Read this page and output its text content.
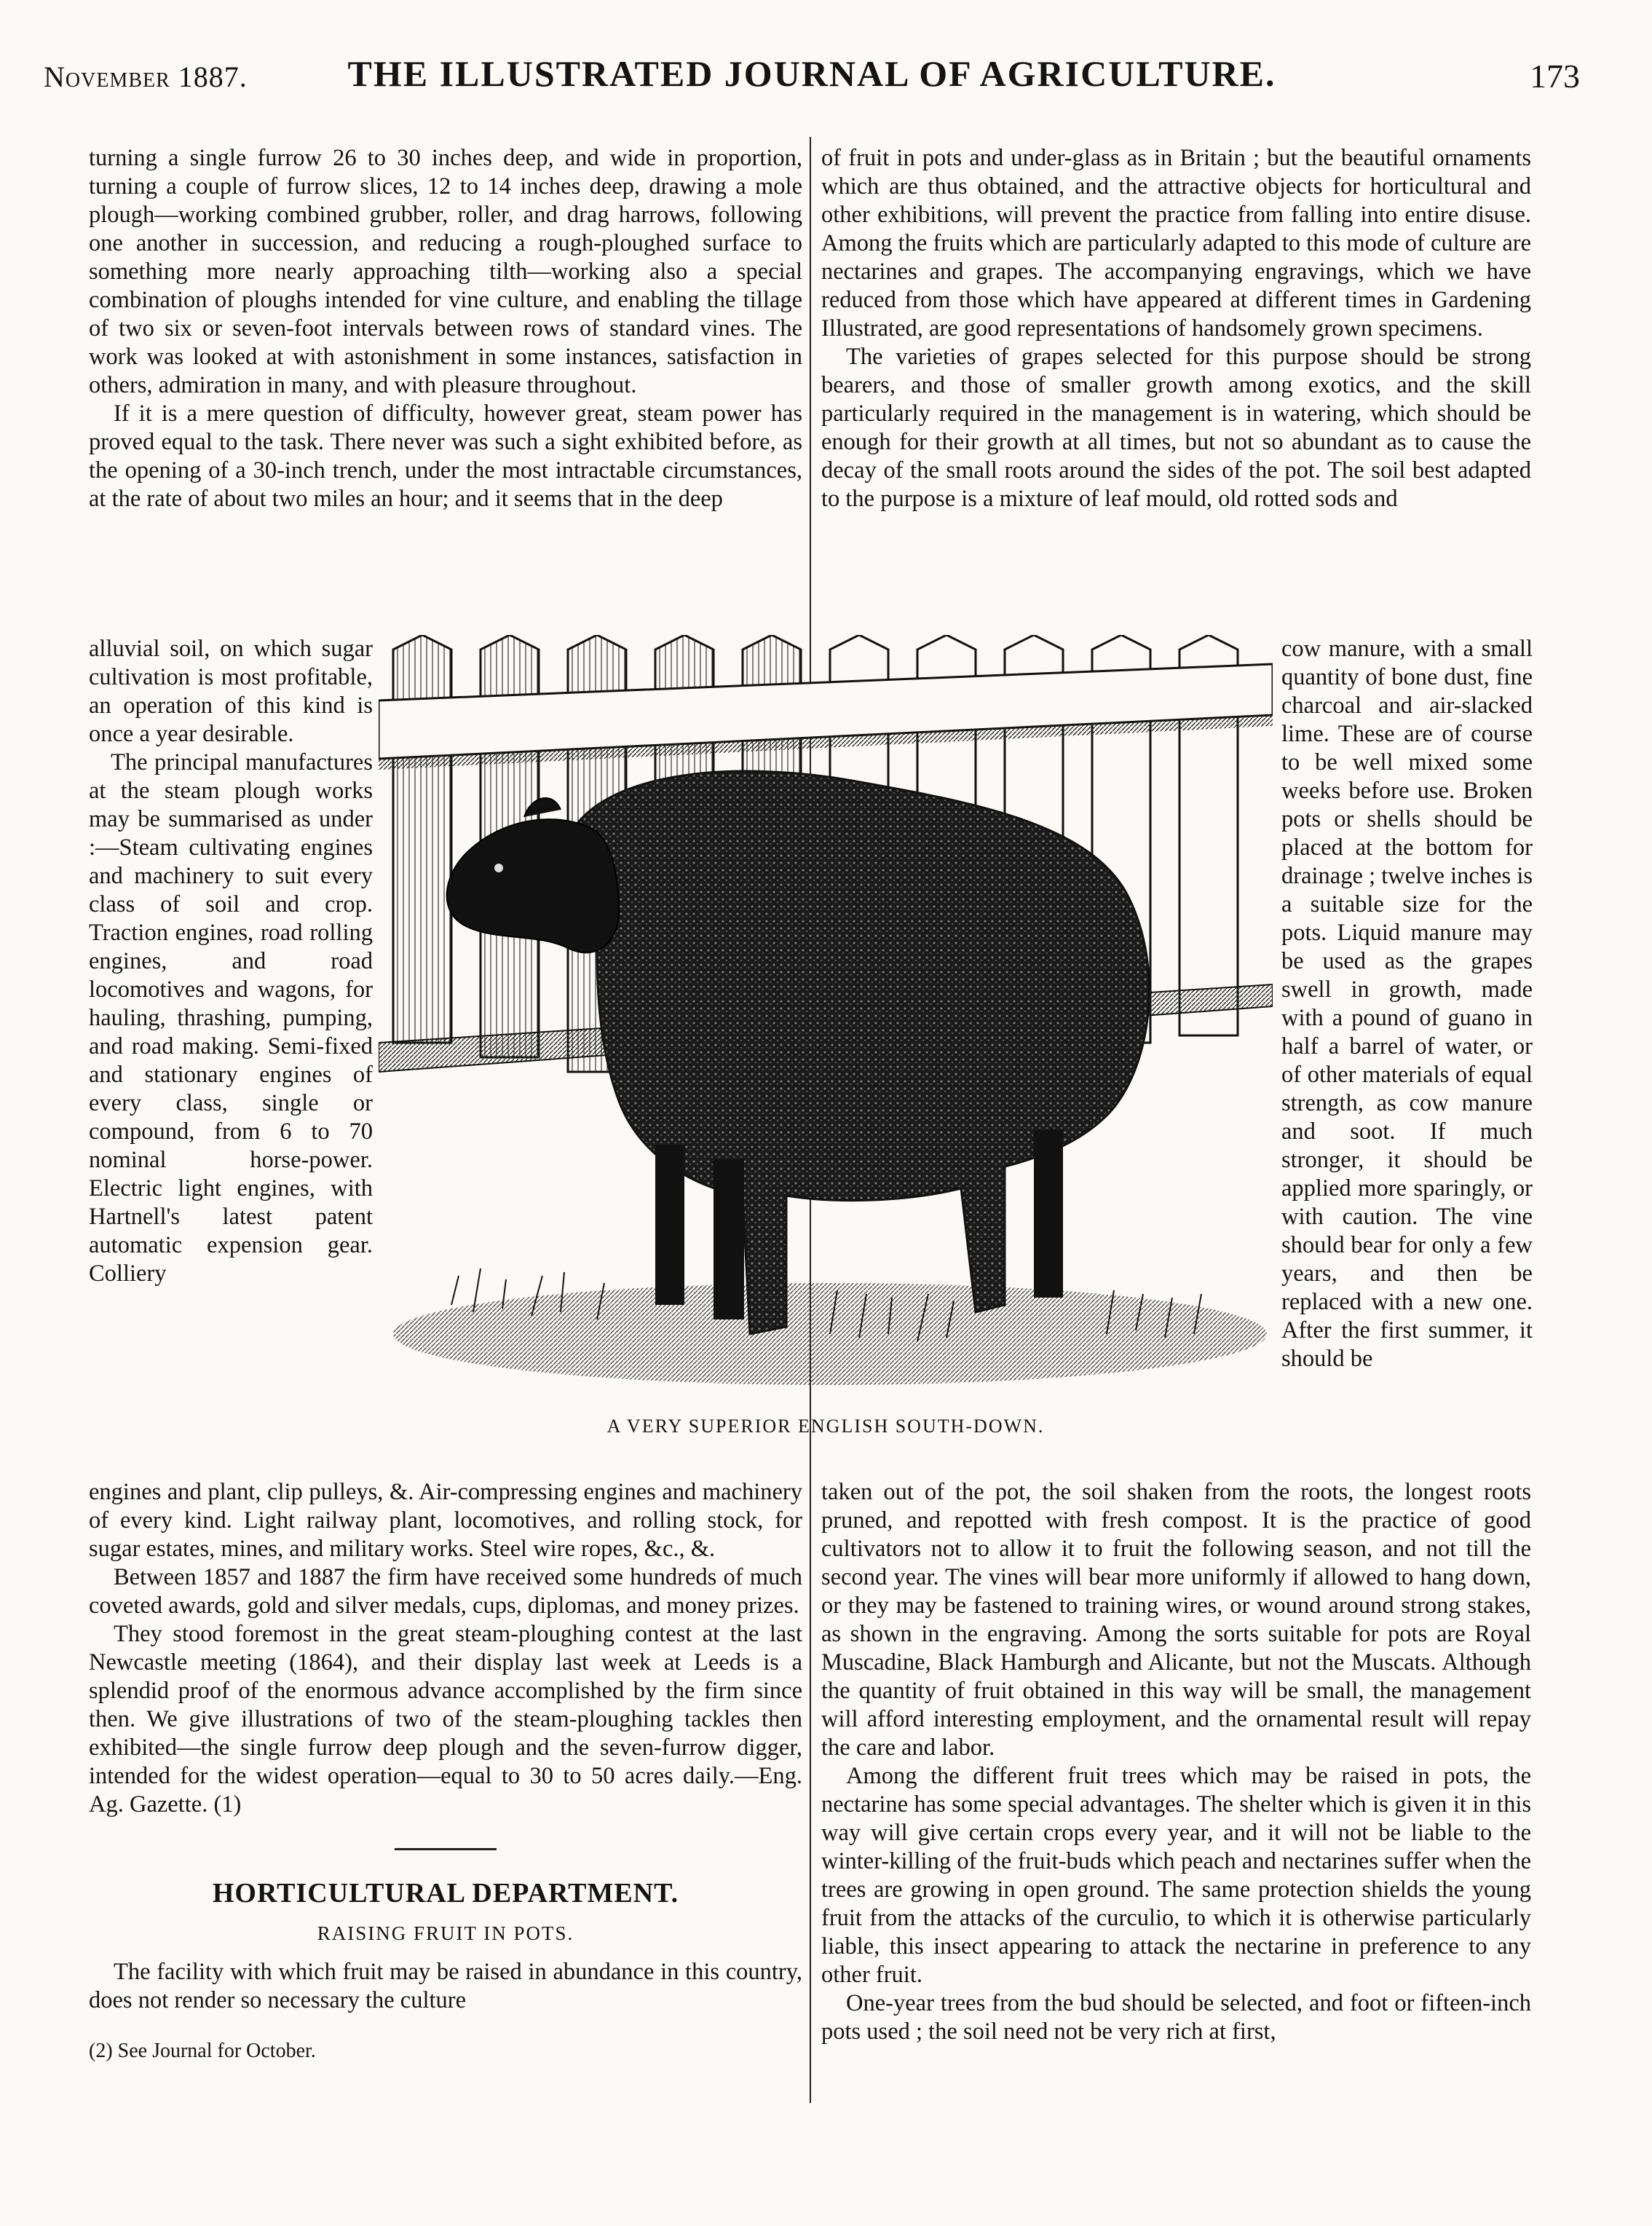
November 1887.	THE ILLUSTRATED JOURNAL OF AGRICULTURE.	173

turning a single furrow 26 to 30 inches deep, and wide in proportion, turning a couple of furrow slices, 12 to 14 inches deep, drawing a mole plough—working combined grubber, roller, and drag harrows, following one another in succession, and reducing a rough-ploughed surface to something more nearly approaching tilth—working also a special combination of ploughs intended for vine culture, and enabling the tillage of two six or seven-foot intervals between rows of standard vines. The work was looked at with astonishment in some instances, satisfaction in others, admiration in many, and with pleasure throughout.

If it is a mere question of difficulty, however great, steam power has proved equal to the task. There never was such a sight exhibited before, as the opening of a 30-inch trench, under the most intractable circumstances, at the rate of about two miles an hour; and it seems that in the deep

of fruit in pots and under-glass as in Britain ; but the beautiful ornaments which are thus obtained, and the attractive objects for horticultural and other exhibitions, will prevent the practice from falling into entire disuse. Among the fruits which are particularly adapted to this mode of culture are nectarines and grapes. The accompanying engravings, which we have reduced from those which have appeared at different times in Gardening Illustrated, are good representations of handsomely grown specimens.

The varieties of grapes selected for this purpose should be strong bearers, and those of smaller growth among exotics, and the skill particularly required in the management is in watering, which should be enough for their growth at all times, but not so abundant as to cause the decay of the small roots around the sides of the pot. The soil best adapted to the purpose is a mixture of leaf mould, old rotted sods and

alluvial soil, on which sugar cultivation is most profitable, an operation of this kind is once a year desirable.

The principal manufactures at the steam plough works may be summarised as under :—Steam cultivating engines and machinery to suit every class of soil and crop. Traction engines, road rolling engines, and road locomotives and wagons, for hauling, thrashing, pumping, and road making. Semi-fixed and stationary engines of every class, single or compound, from 6 to 70 nominal horse-power. Electric light engines, with Hartnell's latest patent automatic expension gear. Colliery

A VERY SUPERIOR ENGLISH SOUTH-DOWN.

cow manure, with a small quantity of bone dust, fine charcoal and air-slacked lime. These are of course to be well mixed some weeks before use. Broken pots or shells should be placed at the bottom for drainage ; twelve inches is a suitable size for the pots. Liquid manure may be used as the grapes swell in growth, made with a pound of guano in half a barrel of water, or of other materials of equal strength, as cow manure and soot. If much stronger, it should be applied more sparingly, or with caution. The vine should bear for only a few years, and then be replaced with a new one. After the first summer, it should be

engines and plant, clip pulleys, &. Air-compressing engines and machinery of every kind. Light railway plant, locomotives, and rolling stock, for sugar estates, mines, and military works. Steel wire ropes, &c., &.

Between 1857 and 1887 the firm have received some hundreds of much coveted awards, gold and silver medals, cups, diplomas, and money prizes.

They stood foremost in the great steam-ploughing contest at the last Newcastle meeting (1864), and their display last week at Leeds is a splendid proof of the enormous advance accomplished by the firm since then. We give illustrations of two of the steam-ploughing tackles then exhibited—the single furrow deep plough and the seven-furrow digger, intended for the widest operation—equal to 30 to 50 acres daily.—Eng. Ag. Gazette. (1)

HORTICULTURAL DEPARTMENT.
RAISING FRUIT IN POTS.

The facility with which fruit may be raised in abundance in this country, does not render so necessary the culture

(2) See Journal for October.

taken out of the pot, the soil shaken from the roots, the longest roots pruned, and repotted with fresh compost. It is the practice of good cultivators not to allow it to fruit the following season, and not till the second year. The vines will bear more uniformly if allowed to hang down, or they may be fastened to training wires, or wound around strong stakes, as shown in the engraving. Among the sorts suitable for pots are Royal Muscadine, Black Hamburgh and Alicante, but not the Muscats. Although the quantity of fruit obtained in this way will be small, the management will afford interesting employment, and the ornamental result will repay the care and labor.

Among the different fruit trees which may be raised in pots, the nectarine has some special advantages. The shelter which is given it in this way will give certain crops every year, and it will not be liable to the winter-killing of the fruit-buds which peach and nectarines suffer when the trees are growing in open ground. The same protection shields the young fruit from the attacks of the curculio, to which it is otherwise particularly liable, this insect appearing to attack the nectarine in preference to any other fruit.

One-year trees from the bud should be selected, and foot or fifteen-inch pots used ; the soil need not be very rich at first,
